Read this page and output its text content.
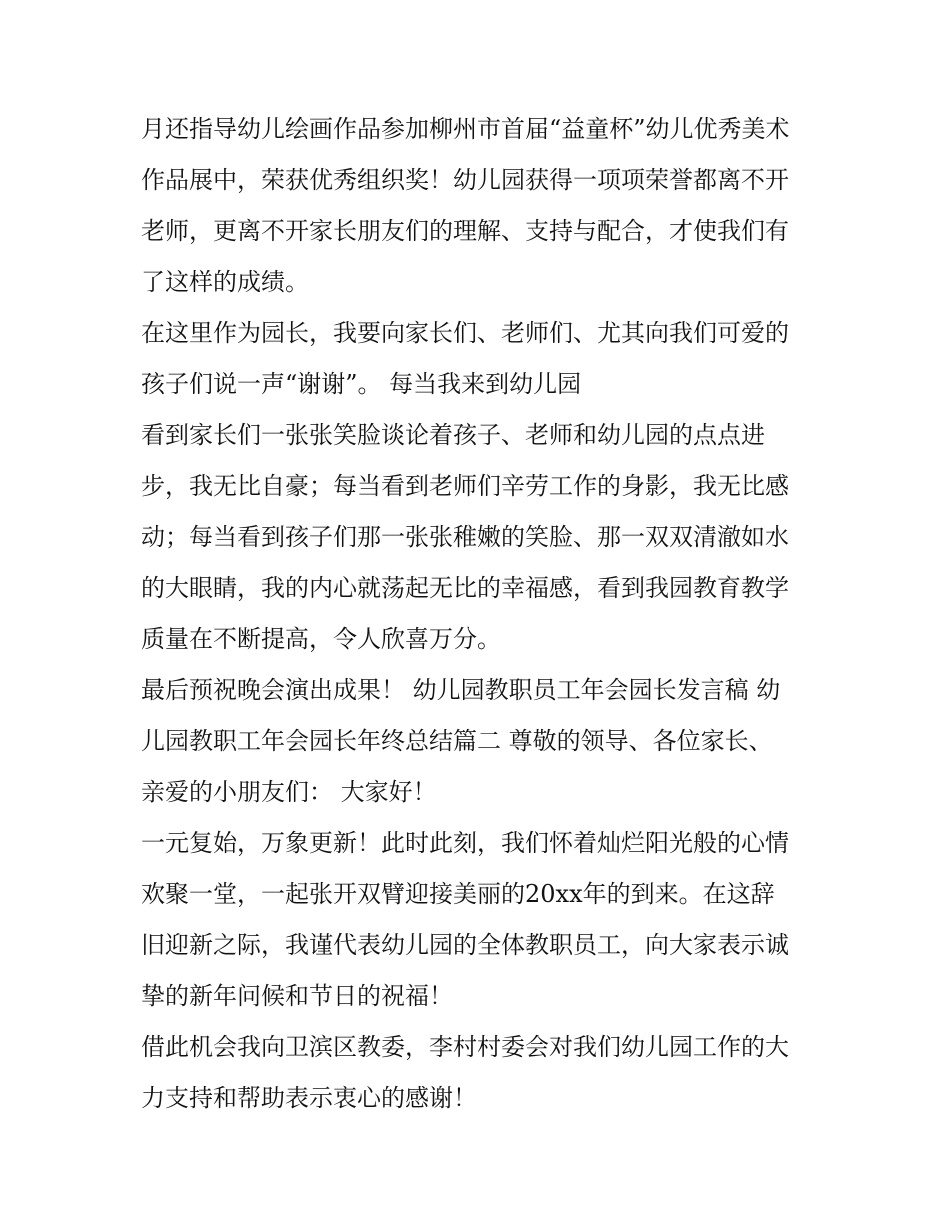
月还指导幼儿绘画作品参加柳州市首届“益童杯”幼儿优秀美术
作品展中，荣获优秀组织奖！幼儿园获得一项项荣誉都离不开
老师，更离不开家长朋友们的理解、支持与配合，才使我们有
了这样的成绩。
在这里作为园长，我要向家长们、老师们、尤其向我们可爱的
孩子们说一声“谢谢”。 每当我来到幼儿园
看到家长们一张张笑脸谈论着孩子、老师和幼儿园的点点进
步，我无比自豪；每当看到老师们辛劳工作的身影，我无比感
动；每当看到孩子们那一张张稚嫩的笑脸、那一双双清澈如水
的大眼睛，我的内心就荡起无比的幸福感，看到我园教育教学
质量在不断提高，令人欣喜万分。
最后预祝晚会演出成果！ 幼儿园教职员工年会园长发言稿 幼
儿园教职工年会园长年终总结篇二 尊敬的领导、各位家长、
亲爱的小朋友们： 大家好！
一元复始，万象更新！此时此刻，我们怀着灿烂阳光般的心情
欢聚一堂，一起张开双臂迎接美丽的20xx年的到来。在这辞
旧迎新之际，我谨代表幼儿园的全体教职员工，向大家表示诚
挚的新年问候和节日的祝福！
借此机会我向卫滨区教委，李村村委会对我们幼儿园工作的大
力支持和帮助表示衷心的感谢！
